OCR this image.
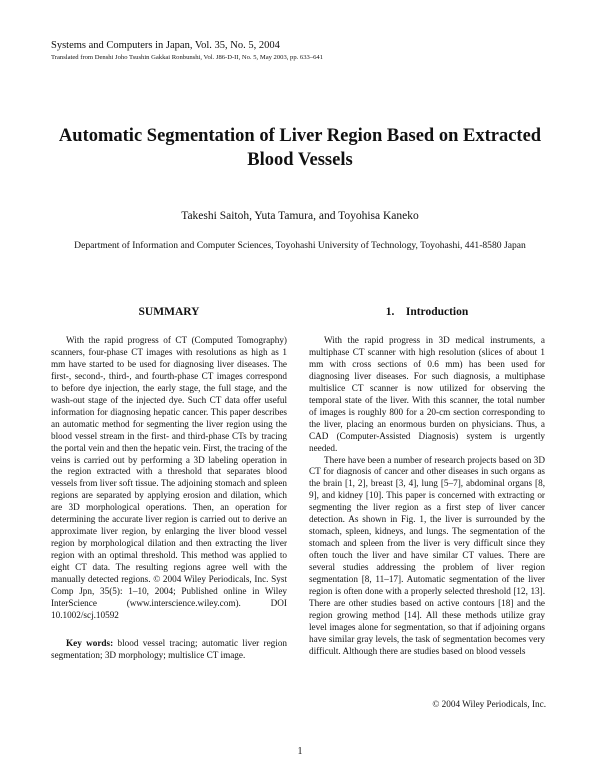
Systems and Computers in Japan, Vol. 35, No. 5, 2004
Translated from Denshi Joho Tsushin Gakkai Ronbunshi, Vol. J86-D-II, No. 5, May 2003, pp. 633–641
Automatic Segmentation of Liver Region Based on Extracted Blood Vessels
Takeshi Saitoh, Yuta Tamura, and Toyohisa Kaneko
Department of Information and Computer Sciences, Toyohashi University of Technology, Toyohashi, 441-8580 Japan
SUMMARY

With the rapid progress of CT (Computed Tomography) scanners, four-phase CT images with resolutions as high as 1 mm have started to be used for diagnosing liver diseases. The first-, second-, third-, and fourth-phase CT images correspond to before dye injection, the early stage, the full stage, and the wash-out stage of the injected dye. Such CT data offer useful information for diagnosing hepatic cancer. This paper describes an automatic method for segmenting the liver region using the blood vessel stream in the first- and third-phase CTs by tracing the portal vein and then the hepatic vein. First, the tracing of the veins is carried out by performing a 3D labeling operation in the region extracted with a threshold that separates blood vessels from liver soft tissue. The adjoining stomach and spleen regions are separated by applying erosion and dilation, which are 3D morphological operations. Then, an operation for determining the accurate liver region is carried out to derive an approximate liver region, by enlarging the liver blood vessel region by morphological dilation and then extracting the liver region with an optimal threshold. This method was applied to eight CT data. The resulting regions agree well with the manually detected regions. © 2004 Wiley Periodicals, Inc. Syst Comp Jpn, 35(5): 1–10, 2004; Published online in Wiley InterScience (www.interscience.wiley.com). DOI 10.1002/scj.10592

Key words: blood vessel tracing; automatic liver region segmentation; 3D morphology; multislice CT image.
1.  Introduction

With the rapid progress in 3D medical instruments, a multiphase CT scanner with high resolution (slices of about 1 mm with cross sections of 0.6 mm) has been used for diagnosing liver diseases. For such diagnosis, a multiphase multislice CT scanner is now utilized for observing the temporal state of the liver. With this scanner, the total number of images is roughly 800 for a 20-cm section corresponding to the liver, placing an enormous burden on physicians. Thus, a CAD (Computer-Assisted Diagnosis) system is urgently needed.

There have been a number of research projects based on 3D CT for diagnosis of cancer and other diseases in such organs as the brain [1, 2], breast [3, 4], lung [5–7], abdominal organs [8, 9], and kidney [10]. This paper is concerned with extracting or segmenting the liver region as a first step of liver cancer detection. As shown in Fig. 1, the liver is surrounded by the stomach, spleen, kidneys, and lungs. The segmentation of the stomach and spleen from the liver is very difficult since they often touch the liver and have similar CT values. There are several studies addressing the problem of liver region segmentation [8, 11–17]. Automatic segmentation of the liver region is often done with a properly selected threshold [12, 13]. There are other studies based on active contours [18] and the region growing method [14]. All these methods utilize gray level images alone for segmentation, so that if adjoining organs have similar gray levels, the task of segmentation becomes very difficult. Although there are studies based on blood vessels

© 2004 Wiley Periodicals, Inc.
1
